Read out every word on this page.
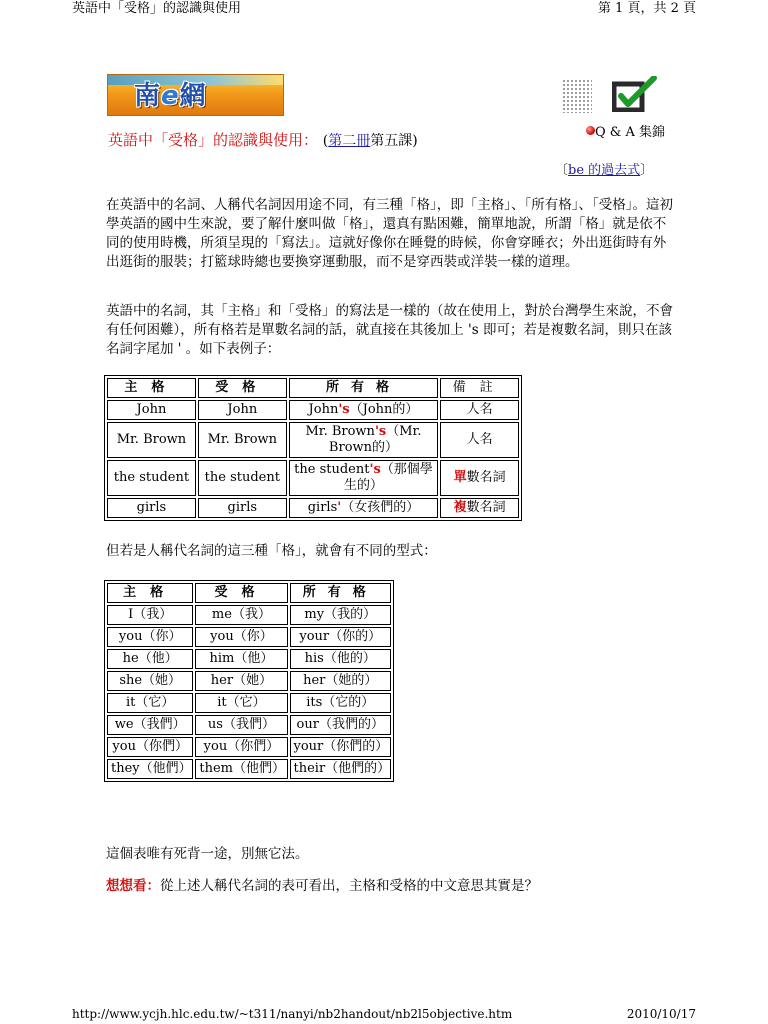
英語中「受格」的認識與使用	第 1 頁，共 2 頁
南e網
Q & A 集錦
〔be 的過去式〕
英語中「受格」的認識與使用： (第二冊第五課)
在英語中的名詞、人稱代名詞因用途不同，有三種「格」，即「主格」、「所有格」、「受格」。這初學英語的國中生來說，要了解什麼叫做「格」，還真有點困難，簡單地說，所謂「格」就是依不同的使用時機，所須呈現的「寫法」。這就好像你在睡覺的時候，你會穿睡衣；外出逛街時有外出逛街的服裝；打籃球時總也要換穿運動服，而不是穿西裝或洋裝一樣的道理。
英語中的名詞，其「主格」和「受格」的寫法是一樣的（故在使用上，對於台灣學生來說，不會有任何困難），所有格若是單數名詞的話，就直接在其後加上 's 即可；若是複數名詞，則只在該名詞字尾加 ' 。如下表例子：
主格	受格	所有格	備註
John	John	John's（John的）	人名
Mr. Brown	Mr. Brown	Mr. Brown's（Mr. Brown的）	人名
the student	the student	the student's（那個學生的）	單數名詞
girls	girls	girls'（女孩們的）	複數名詞
但若是人稱代名詞的這三種「格」，就會有不同的型式：
主格	受格	所有格
I（我）	me（我）	my（我的）
you（你）	you（你）	your（你的）
he（他）	him（他）	his（他的）
she（她）	her（她）	her（她的）
it（它）	it（它）	its（它的）
we（我們）	us（我們）	our（我們的）
you（你們）	you（你們）	your（你們的）
they（他們）	them（他們）	their（他們的）
這個表唯有死背一途，別無它法。
想想看：從上述人稱代名詞的表可看出，主格和受格的中文意思其實是？
http://www.ycjh.hlc.edu.tw/~t311/nanyi/nb2handout/nb2l5objective.htm	2010/10/17
